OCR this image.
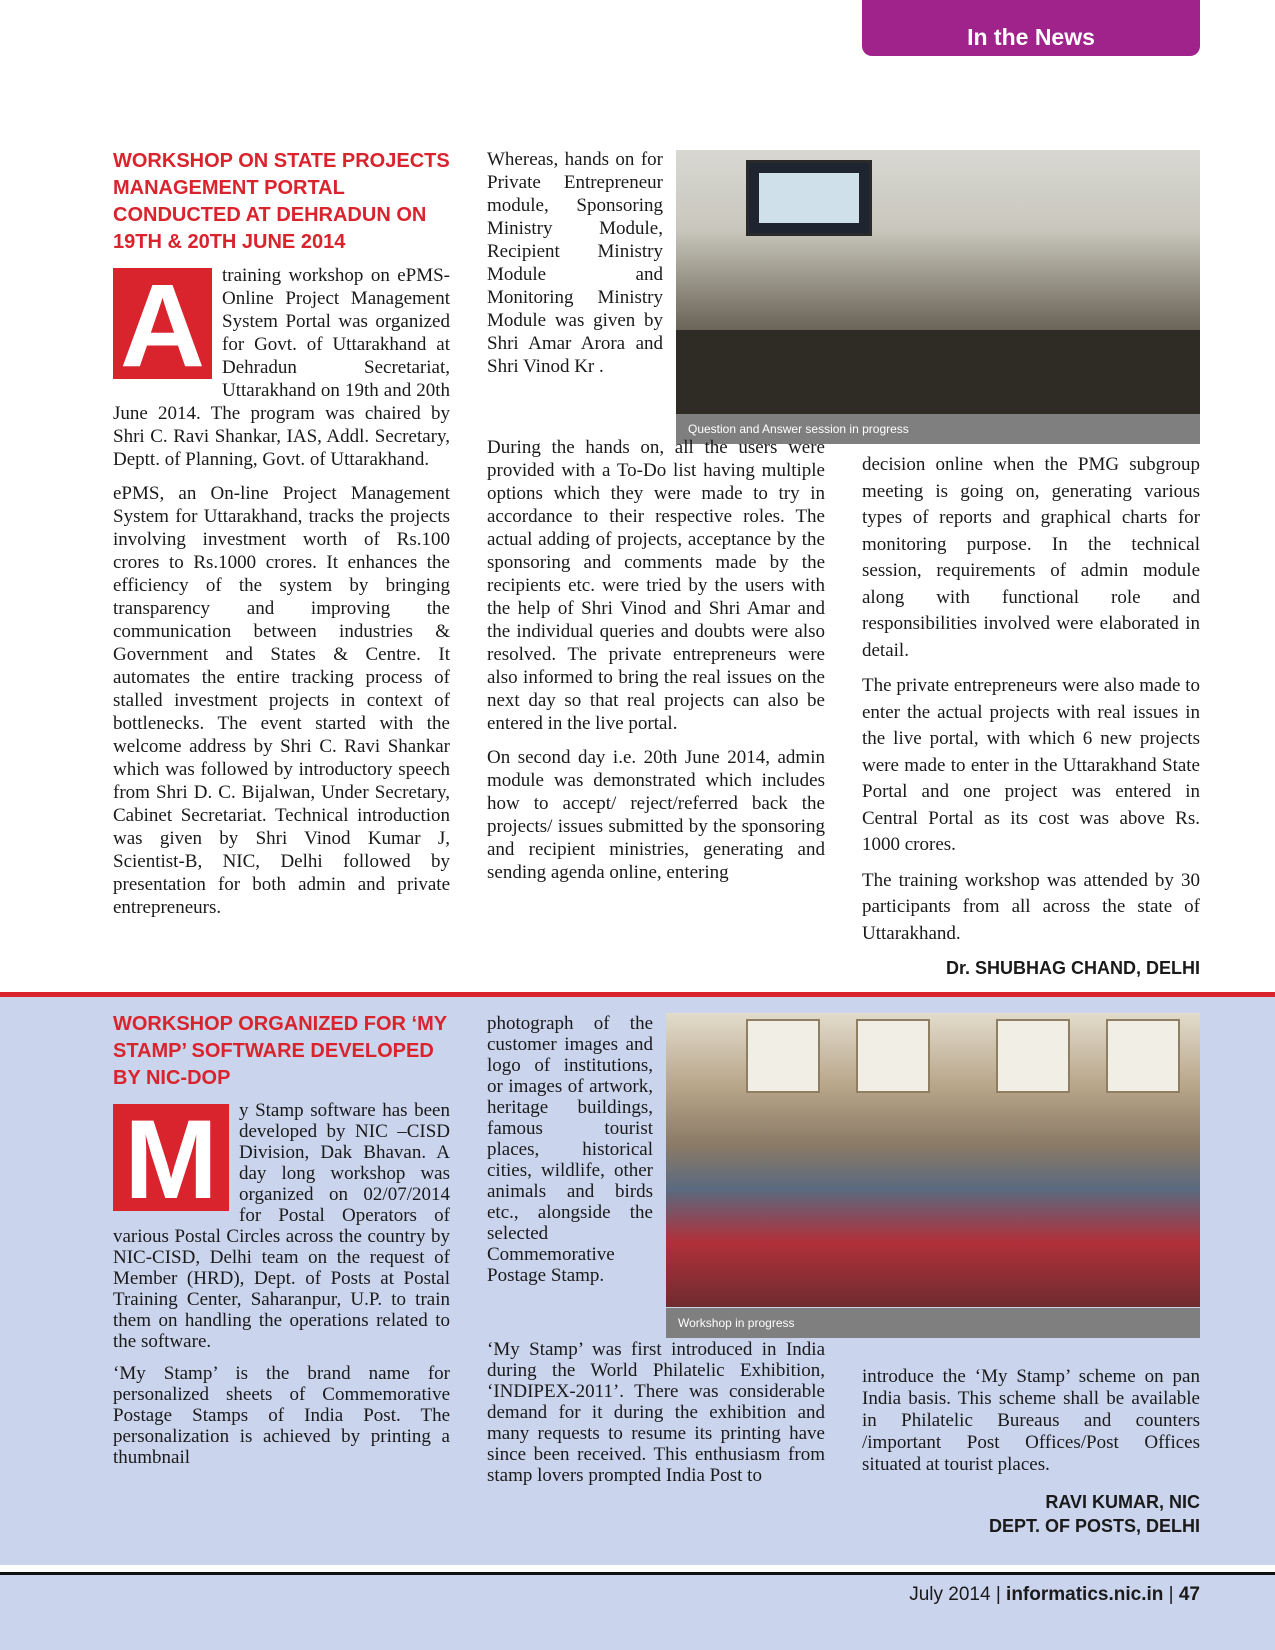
In the News
WORKSHOP ON STATE PROJECTS MANAGEMENT PORTAL CONDUCTED AT DEHRADUN ON 19TH & 20TH JUNE 2014
A training workshop on ePMS-Online Project Management System Portal was organized for Govt. of Uttarakhand at Dehradun Secretariat, Uttarakhand on 19th and 20th June 2014. The program was chaired by Shri C. Ravi Shankar, IAS, Addl. Secretary, Deptt. of Planning, Govt. of Uttarakhand.

ePMS, an On-line Project Management System for Uttarakhand, tracks the projects involving investment worth of Rs.100 crores to Rs.1000 crores. It enhances the efficiency of the system by bringing transparency and improving the communication between industries & Government and States & Centre. It automates the entire tracking process of stalled investment projects in context of bottlenecks. The event started with the welcome address by Shri C. Ravi Shankar which was followed by introductory speech from Shri D. C. Bijalwan, Under Secretary, Cabinet Secretariat. Technical introduction was given by Shri Vinod Kumar J, Scientist-B, NIC, Delhi followed by presentation for both admin and private entrepreneurs.

Whereas, hands on for Private Entrepreneur module, Sponsoring Ministry Module, Recipient Ministry Module and Monitoring Ministry Module was given by Shri Amar Arora and Shri Vinod Kr .

Question and Answer session in progress

During the hands on, all the users were provided with a To-Do list having multiple options which they were made to try in accordance to their respective roles. The actual adding of projects, acceptance by the sponsoring and comments made by the recipients etc. were tried by the users with the help of Shri Vinod and Shri Amar and the individual queries and doubts were also resolved. The private entrepreneurs were also informed to bring the real issues on the next day so that real projects can also be entered in the live portal.

On second day i.e. 20th June 2014, admin module was demonstrated which includes how to accept/ reject/referred back the projects/ issues submitted by the sponsoring and recipient ministries, generating and sending agenda online, entering

decision online when the PMG subgroup meeting is going on, generating various types of reports and graphical charts for monitoring purpose. In the technical session, requirements of admin module along with functional role and responsibilities involved were elaborated in detail.

The private entrepreneurs were also made to enter the actual projects with real issues in the live portal, with which 6 new projects were made to enter in the Uttarakhand State Portal and one project was entered in Central Portal as its cost was above Rs. 1000 crores.

The training workshop was attended by 30 participants from all across the state of Uttarakhand.

Dr. SHUBHAG CHAND, DELHI
WORKSHOP ORGANIZED FOR ‘MY STAMP’ SOFTWARE DEVELOPED BY NIC-DOP
M	y Stamp software has been developed by NIC –CISD Division, Dak Bhavan. A day long workshop was organized on 02/07/2014 for Postal Operators of various Postal Circles across the country by NIC-CISD, Delhi team on the request of Member (HRD), Dept. of Posts at Postal Training Center, Saharanpur, U.P. to train them on handling the operations related to the software.

‘My Stamp’ is the brand name for personalized sheets of Commemorative Postage Stamps of India Post. The personalization is achieved by printing a thumbnail

photograph of the customer images and logo of institutions, or images of artwork, heritage buildings, famous tourist places, historical cities, wildlife, other animals and birds etc., alongside the selected Commemorative Postage Stamp.

Workshop in progress

‘My Stamp’ was first introduced in India during the World Philatelic Exhibition, ‘INDIPEX-2011’. There was considerable demand for it during the exhibition and many requests to resume its printing have since been received. This enthusiasm from stamp lovers prompted India Post to

introduce the ‘My Stamp’ scheme on pan India basis. This scheme shall be available in Philatelic Bureaus and counters /important Post Offices/Post Offices situated at tourist places.

RAVI KUMAR, NIC
DEPT. OF POSTS, DELHI
July 2014 | informatics.nic.in | 47
